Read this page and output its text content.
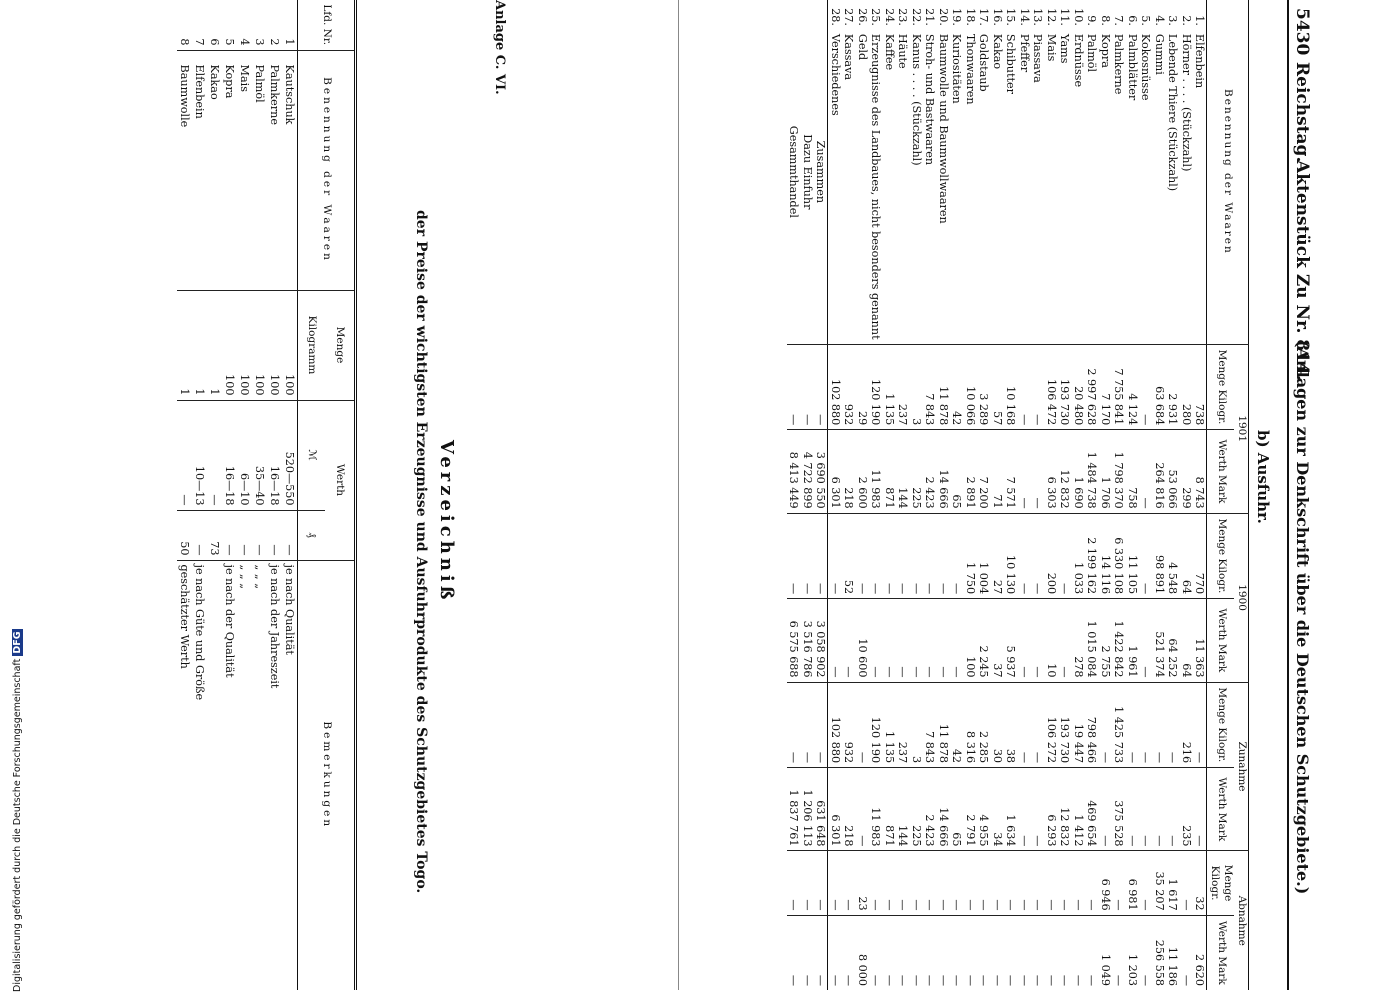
5430
Reichstag.
Aktenstück Zu Nr. 814.
(Anlagen zur Denkschrift über die Deutschen Schutzgebiete.)
b) Ausfuhr.
Benennung der Waaren		1901		1900		Zunahme		Abnahme	
		Menge Kilogr.	Werth Mark	Menge Kilogr.	Werth Mark	Menge Kilogr.	Werth Mark	Menge Kilogr.	Werth Mark
1.	Elfenbein	738	8 743	770	11 363	—	—	32	2 620
2.	Hörner . . . . (Stückzahl)	280	299	64	64	216	235	—	—
3.	Lebende Thiere (Stückzahl)	2 931	53 066	4 548	64 252	—	—	1 617	11 186
4.	Gummi	63 684	264 816	98 891	521 374	—	—	35 207	256 558
5.	Kokosnüsse	—	—	—	—	—	—	—	—
6.	Palmblätter	4 124	758	11 105	1 961	—	—	6 981	1 203
7.	Palmkerne	7 755 841	1 798 370	6 330 108	1 422 842	1 425 733	375 528	—	—
8.	Kopra	7 170	1 706	14 116	2 755	—	—	6 946	1 049
9.	Palmöl	2 997 628	1 484 738	2 199 162	1 015 084	798 466	469 654	—	—
10.	Erdnüsse	20 480	1 690	1 033	278	19 447	1 412	—	—
11.	Yams	193 730	12 832	—	—	193 730	12 832	—	—
12.	Mais	106 472	6 303	200	10	106 272	6 293	—	—
13.	Piassava	—	—	—	—	—	—	—	—
14.	Pfeffer	—	—	—	—	—	—	—	—
15.	Schibutter	10 168	7 571	10 130	5 937	38	1 634	—	—
16.	Kakao	57	71	27	37	30	34	—	—
17.	Goldstaub	3 289	7 200	1 004	2 245	2 285	4 955	—	—
18.	Thonwaaren	10 066	2 891	1 750	100	8 316	2 791	—	—
19.	Kuriositäten	42	65	—	—	42	65	—	—
20.	Baumwolle und Baumwollwaaren	11 878	14 666	—	—	11 878	14 666	—	—
21.	Stroh- und Bastwaaren	7 843	2 423	—	—	7 843	2 423	—	—
22.	Kanus . . . . (Stückzahl)	3	225	—	—	3	225	—	—
23.	Häute	237	144	—	—	237	144	—	—
24.	Kaffee	1 135	871	—	—	1 135	871	—	—
25.	Erzeugnisse des Landbaues, nicht besonders genannt	120 190	11 983	—	—	120 190	11 983	—	—
26.	Geld	29	2 600	—	10 600	—	—	23	8 000
27.	Kassava	932	218	52	—	932	218	—	—
28.	Verschiedenes	102 880	6 301	—	—	102 880	6 301	—	—
Zusammen		—	3 690 550	—	3 058 902	—	631 648	—	—
Dazu Einfuhr		—	4 722 899	—	3 516 786	—	1 206 113	—	—
Gesammthandel		—	8 413 449	—	6 575 688	—	1 837 761	—	—
Anlage C. VI.
Verzeichniß
der Preise der wichtigsten Erzeugnisse und Ausfuhrprodukte des Schutzgebietes Togo.
Lfd. Nr.	Benennung der Waaren	Menge	Werth		Bemerkungen
		Kilogramm	ℳ	₰	
1	Kautschuk	100	520—550	—	je nach Qualität
2	Palmkerne	100	16—18	—	je nach der Jahreszeit
3	Palmöl	100	35—40	—	„ „ „
4	Mais	100	6—10	—	„ „ „
5	Kopra	100	16—18	—	je nach der Qualität
6	Kakao	1	—	73	
7	Elfenbein	1	10—13	—	je nach Güte und Größe
8	Baumwolle	1	—	50	geschätzter Werth
Digitalisierung gefördert durch die Deutsche Forschungsgemeinschaft DFG
